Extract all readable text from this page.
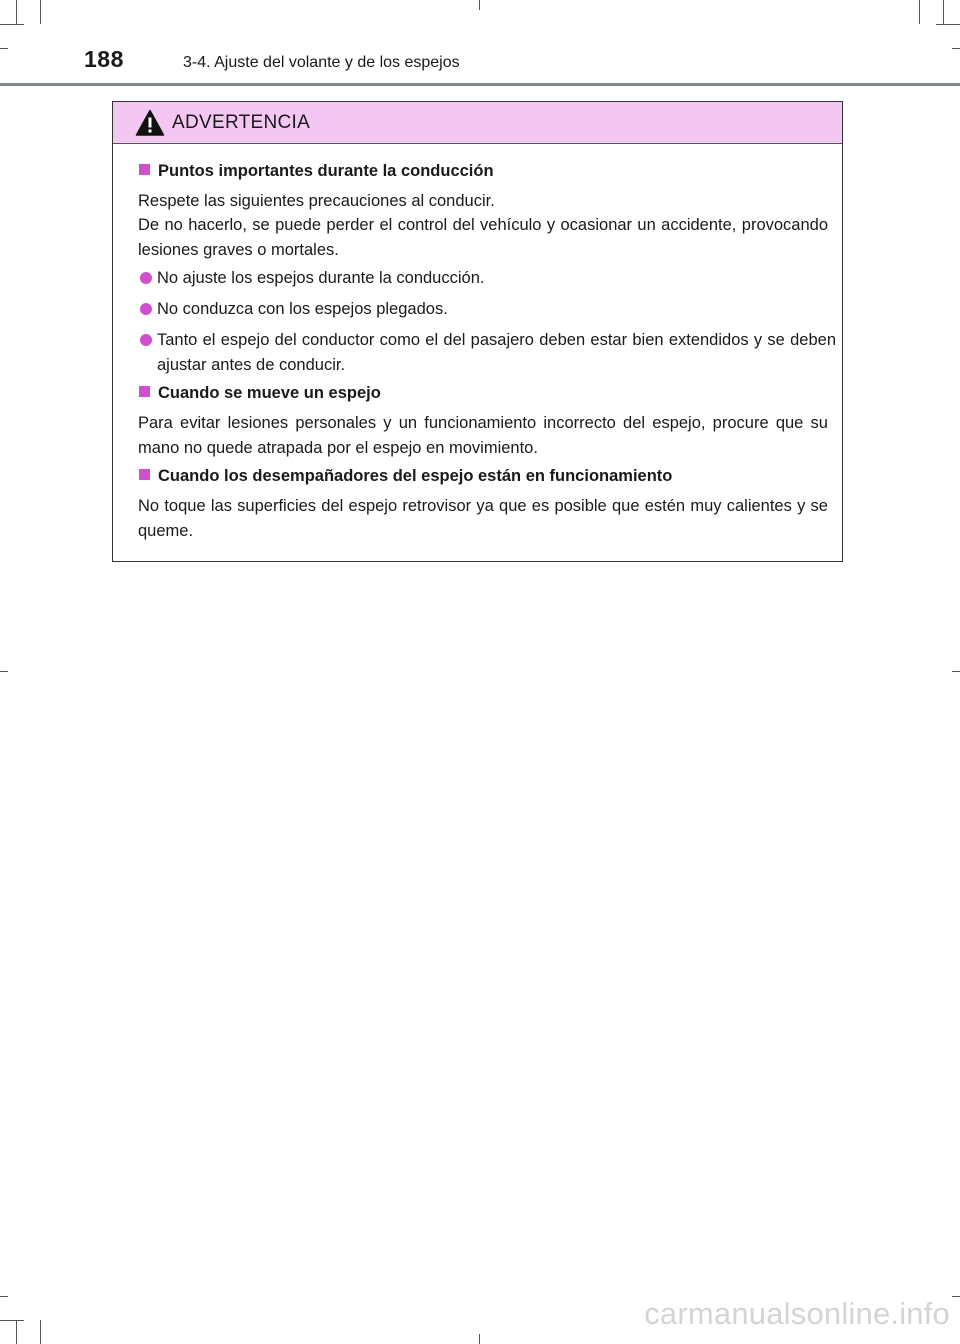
188	3-4. Ajuste del volante y de los espejos
ADVERTENCIA
Puntos importantes durante la conducción
Respete las siguientes precauciones al conducir.
De no hacerlo, se puede perder el control del vehículo y ocasionar un accidente, provocando lesiones graves o mortales.
No ajuste los espejos durante la conducción.
No conduzca con los espejos plegados.
Tanto el espejo del conductor como el del pasajero deben estar bien extendidos y se deben ajustar antes de conducir.
Cuando se mueve un espejo
Para evitar lesiones personales y un funcionamiento incorrecto del espejo, procure que su mano no quede atrapada por el espejo en movimiento.
Cuando los desempañadores del espejo están en funcionamiento
No toque las superficies del espejo retrovisor ya que es posible que estén muy calientes y se queme.
carmanualsonline.info
